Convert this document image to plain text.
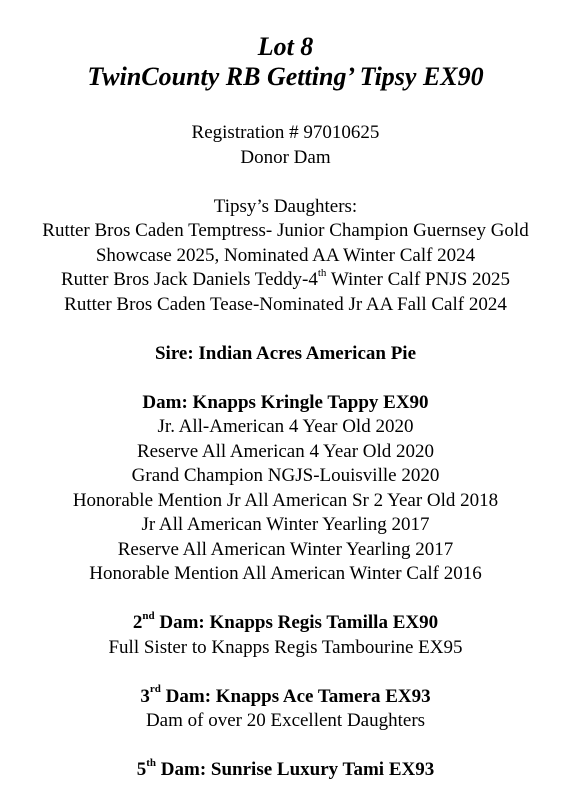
Lot 8
TwinCounty RB Getting’ Tipsy EX90
Registration # 97010625
Donor Dam
Tipsy’s Daughters:
Rutter Bros Caden Temptress- Junior Champion Guernsey Gold
Showcase 2025, Nominated AA Winter Calf 2024
Rutter Bros Jack Daniels Teddy-4th Winter Calf PNJS 2025
Rutter Bros Caden Tease-Nominated Jr AA Fall Calf 2024
Sire: Indian Acres American Pie
Dam: Knapps Kringle Tappy EX90
Jr. All-American 4 Year Old 2020
Reserve All American 4 Year Old 2020
Grand Champion NGJS-Louisville 2020
Honorable Mention Jr All American Sr 2 Year Old 2018
Jr All American Winter Yearling 2017
Reserve All American Winter Yearling 2017
Honorable Mention All American Winter Calf 2016
2nd Dam: Knapps Regis Tamilla EX90
Full Sister to Knapps Regis Tambourine EX95
3rd Dam: Knapps Ace Tamera EX93
Dam of over 20 Excellent Daughters
5th Dam: Sunrise Luxury Tami EX93
